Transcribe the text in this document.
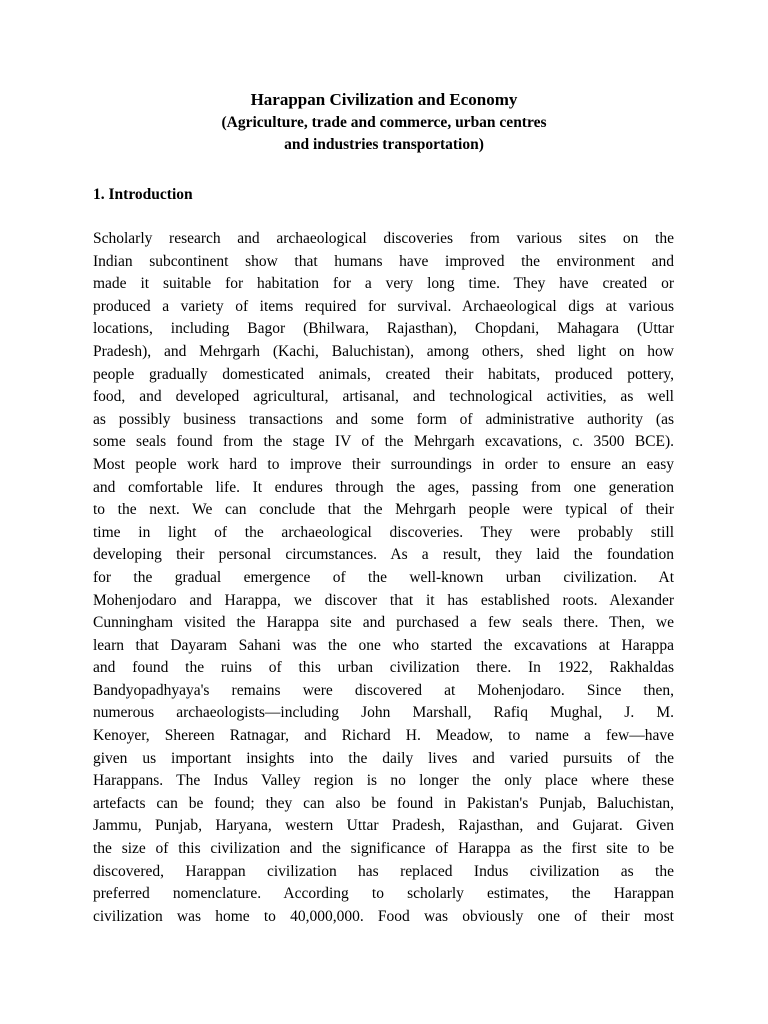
Harappan Civilization and Economy
(Agriculture, trade and commerce, urban centres
and industries transportation)
1. Introduction
Scholarly research and archaeological discoveries from various sites on the
Indian subcontinent show that humans have improved the environment and
made it suitable for habitation for a very long time. They have created or
produced a variety of items required for survival. Archaeological digs at various
locations, including Bagor (Bhilwara, Rajasthan), Chopdani, Mahagara (Uttar
Pradesh), and Mehrgarh (Kachi, Baluchistan), among others, shed light on how
people gradually domesticated animals, created their habitats, produced pottery,
food, and developed agricultural, artisanal, and technological activities, as well
as possibly business transactions and some form of administrative authority (as
some seals found from the stage IV of the Mehrgarh excavations, c. 3500 BCE).
Most people work hard to improve their surroundings in order to ensure an easy
and comfortable life. It endures through the ages, passing from one generation
to the next. We can conclude that the Mehrgarh people were typical of their
time in light of the archaeological discoveries. They were probably still
developing their personal circumstances. As a result, they laid the foundation
for the gradual emergence of the well-known urban civilization. At
Mohenjodaro and Harappa, we discover that it has established roots. Alexander
Cunningham visited the Harappa site and purchased a few seals there. Then, we
learn that Dayaram Sahani was the one who started the excavations at Harappa
and found the ruins of this urban civilization there. In 1922, Rakhaldas
Bandyopadhyaya's remains were discovered at Mohenjodaro. Since then,
numerous archaeologists—including John Marshall, Rafiq Mughal, J. M.
Kenoyer, Shereen Ratnagar, and Richard H. Meadow, to name a few—have
given us important insights into the daily lives and varied pursuits of the
Harappans. The Indus Valley region is no longer the only place where these
artefacts can be found; they can also be found in Pakistan's Punjab, Baluchistan,
Jammu, Punjab, Haryana, western Uttar Pradesh, Rajasthan, and Gujarat. Given
the size of this civilization and the significance of Harappa as the first site to be
discovered, Harappan civilization has replaced Indus civilization as the
preferred nomenclature. According to scholarly estimates, the Harappan
civilization was home to 40,000,000. Food was obviously one of their most
